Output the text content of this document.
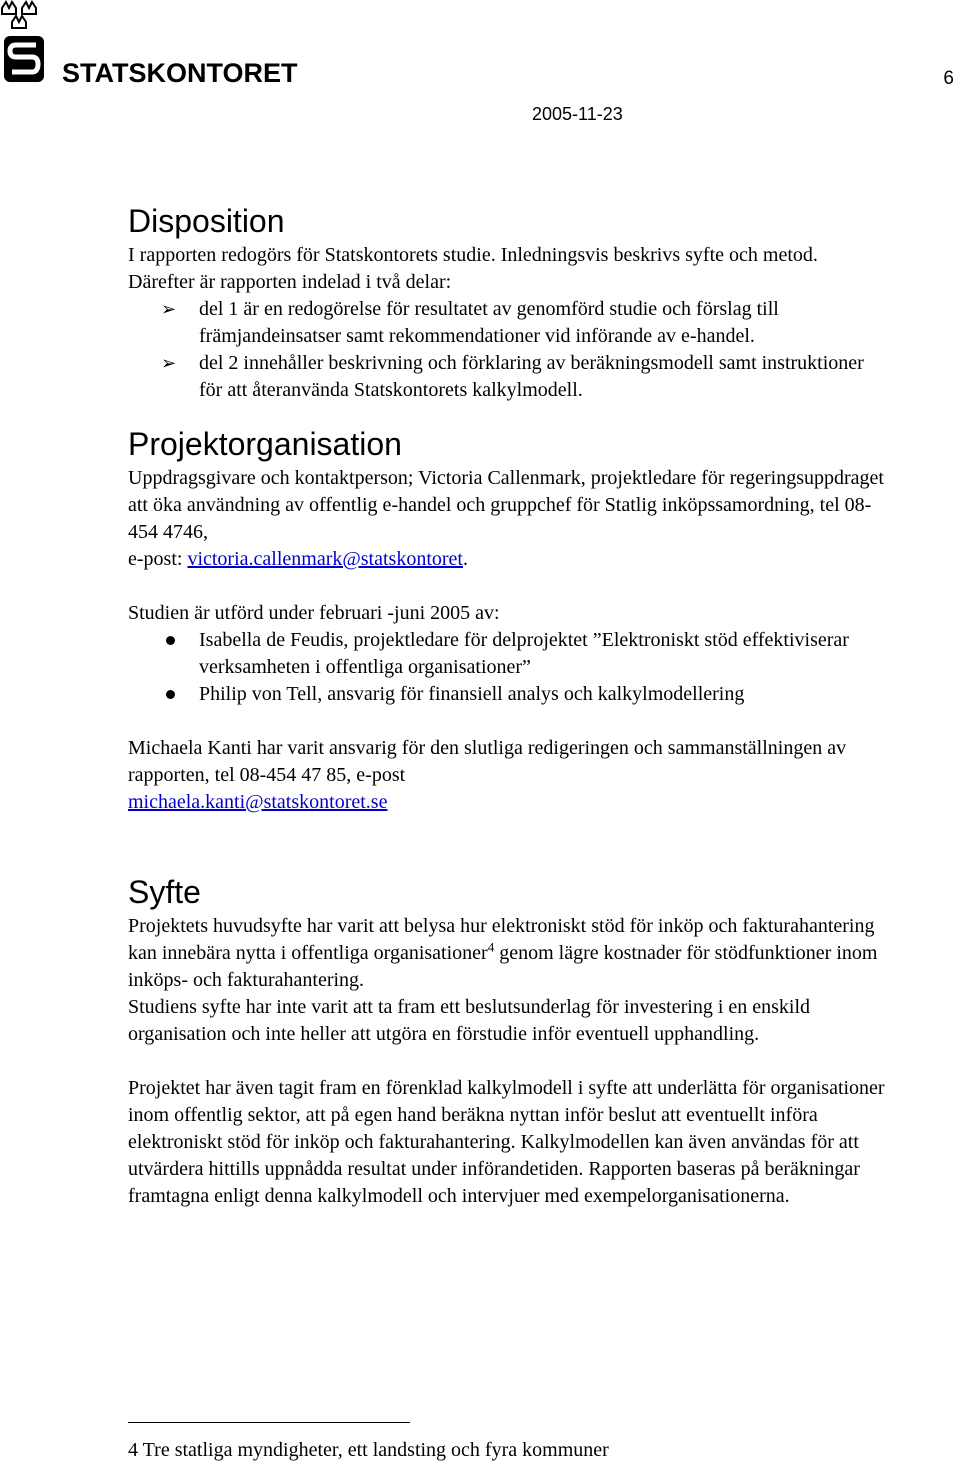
STATSKONTORET	6
2005-11-23
Disposition

I rapporten redogörs för Statskontorets studie. Inledningsvis beskrivs syfte och metod. Därefter är rapporten indelad i två delar:

➢ del 1 är en redogörelse för resultatet av genomförd studie och förslag till främjandeinsatser samt rekommendationer vid införande av e-handel.
➢ del 2 innehåller beskrivning och förklaring av beräkningsmodell samt instruktioner för att återanvända Statskontorets kalkylmodell.
Projektorganisation

Uppdragsgivare och kontaktperson; Victoria Callenmark, projektledare för regeringsuppdraget att öka användning av offentlig e-handel och gruppchef för Statlig inköpssamordning, tel 08-454 4746,
e-post: victoria.callenmark@statskontoret.

Studien är utförd under februari -juni 2005 av:

Isabella de Feudis, projektledare för delprojektet ”Elektroniskt stöd effektiviserar verksamheten i offentliga organisationer”
Philip von Tell, ansvarig för finansiell analys och kalkylmodellering

Michaela Kanti har varit ansvarig för den slutliga redigeringen och sammanställningen av rapporten, tel 08-454 47 85, e-post
michaela.kanti@statskontoret.se

Syfte

Projektets huvudsyfte har varit att belysa hur elektroniskt stöd för inköp och fakturahantering kan innebära nytta i offentliga organisationer$^4$ genom lägre kostnader för stödfunktioner inom inköps- och fakturahantering.

Studiens syfte har inte varit att ta fram ett beslutsunderlag för investering i en enskild organisation och inte heller att utgöra en förstudie inför eventuell upphandling.

Projektet har även tagit fram en förenklad kalkylmodell i syfte att underlätta för organisationer inom offentlig sektor, att på egen hand beräkna nyttan inför beslut att eventuellt införa elektroniskt stöd för inköp och fakturahantering. Kalkylmodellen kan även användas för att utvärdera hittills uppnådda resultat under införandetiden. Rapporten baseras på beräkningar framtagna enligt denna kalkylmodell och intervjuer med exempelorganisationerna.

4 Tre statliga myndigheter, ett landsting och fyra kommuner
